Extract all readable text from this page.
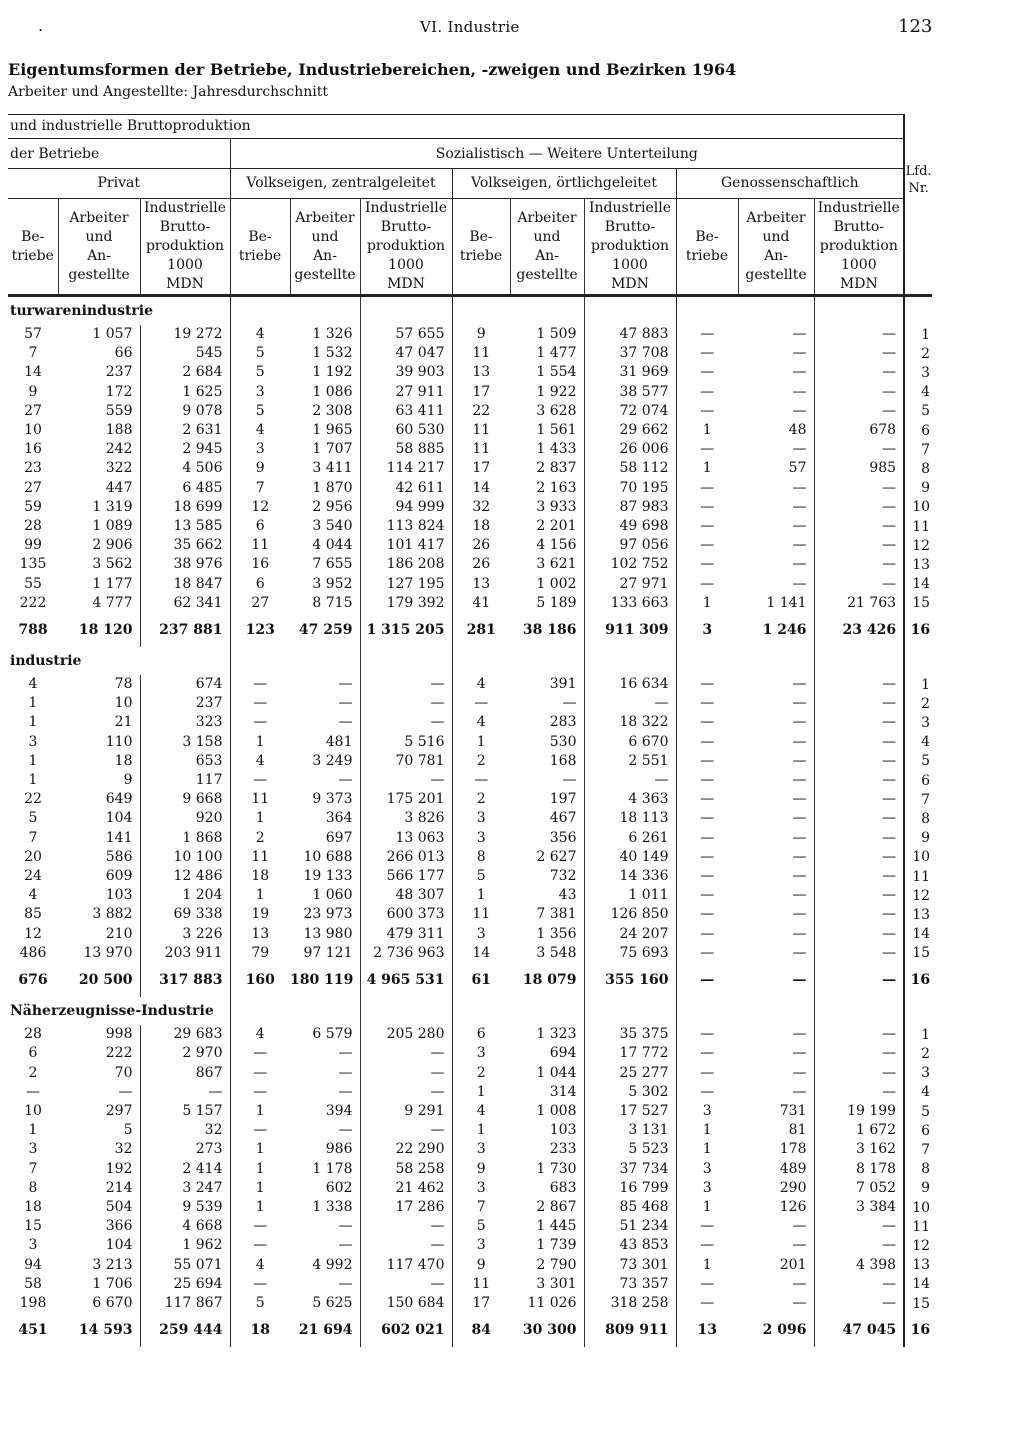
.	VI. Industrie	123
Eigentumsformen der Betriebe, Industriebereichen, -zweigen und Bezirken 1964
Arbeiter und Angestellte: Jahresdurchschnitt
und industrielle Bruttoproduktion												Lfd. Nr.

der Betriebe			Sozialistisch — Weitere Unterteilung									
Privat			Volkseigen, zentralgeleitet			Volkseigen, örtlichgeleitet			Genossenschaftlich			
Be- triebe	Arbeiter und An- gestellte	Industrielle Brutto- produktion 1000 MDN	Be- triebe	Arbeiter und An- gestellte	Industrielle Brutto- produktion 1000 MDN	Be- triebe	Arbeiter und An- gestellte	Industrielle Brutto- produktion 1000 MDN	Be- triebe	Arbeiter und An- gestellte	Industrielle Brutto- produktion 1000 MDN	
turwarenindustrie												
57	1 057	19 272	4	1 326	57 655	9	1 509	47 883	—	—	—	1
7	66	545	5	1 532	47 047	11	1 477	37 708	—	—	—	2
14	237	2 684	5	1 192	39 903	13	1 554	31 969	—	—	—	3
9	172	1 625	3	1 086	27 911	17	1 922	38 577	—	—	—	4
27	559	9 078	5	2 308	63 411	22	3 628	72 074	—	—	—	5
10	188	2 631	4	1 965	60 530	11	1 561	29 662	1	48	678	6
16	242	2 945	3	1 707	58 885	11	1 433	26 006	—	—	—	7
23	322	4 506	9	3 411	114 217	17	2 837	58 112	1	57	985	8
27	447	6 485	7	1 870	42 611	14	2 163	70 195	—	—	—	9
59	1 319	18 699	12	2 956	94 999	32	3 933	87 983	—	—	—	10
28	1 089	13 585	6	3 540	113 824	18	2 201	49 698	—	—	—	11
99	2 906	35 662	11	4 044	101 417	26	4 156	97 056	—	—	—	12
135	3 562	38 976	16	7 655	186 208	26	3 621	102 752	—	—	—	13
55	1 177	18 847	6	3 952	127 195	13	1 002	27 971	—	—	—	14
222	4 777	62 341	27	8 715	179 392	41	5 189	133 663	1	1 141	21 763	15
788	18 120	237 881	123	47 259	1 315 205	281	38 186	911 309	3	1 246	23 426	16
industrie												
4	78	674	—	—	—	4	391	16 634	—	—	—	1
1	10	237	—	—	—	—	—	—	—	—	—	2
1	21	323	—	—	—	4	283	18 322	—	—	—	3
3	110	3 158	1	481	5 516	1	530	6 670	—	—	—	4
1	18	653	4	3 249	70 781	2	168	2 551	—	—	—	5
1	9	117	—	—	—	—	—	—	—	—	—	6
22	649	9 668	11	9 373	175 201	2	197	4 363	—	—	—	7
5	104	920	1	364	3 826	3	467	18 113	—	—	—	8
7	141	1 868	2	697	13 063	3	356	6 261	—	—	—	9
20	586	10 100	11	10 688	266 013	8	2 627	40 149	—	—	—	10
24	609	12 486	18	19 133	566 177	5	732	14 336	—	—	—	11
4	103	1 204	1	1 060	48 307	1	43	1 011	—	—	—	12
85	3 882	69 338	19	23 973	600 373	11	7 381	126 850	—	—	—	13
12	210	3 226	13	13 980	479 311	3	1 356	24 207	—	—	—	14
486	13 970	203 911	79	97 121	2 736 963	14	3 548	75 693	—	—	—	15
676	20 500	317 883	160	180 119	4 965 531	61	18 079	355 160	—	—	—	16
Näherzeugnisse-Industrie												
28	998	29 683	4	6 579	205 280	6	1 323	35 375	—	—	—	1
6	222	2 970	—	—	—	3	694	17 772	—	—	—	2
2	70	867	—	—	—	2	1 044	25 277	—	—	—	3
—	—	—	—	—	—	1	314	5 302	—	—	—	4
10	297	5 157	1	394	9 291	4	1 008	17 527	3	731	19 199	5
1	5	32	—	—	—	1	103	3 131	1	81	1 672	6
3	32	273	1	986	22 290	3	233	5 523	1	178	3 162	7
7	192	2 414	1	1 178	58 258	9	1 730	37 734	3	489	8 178	8
8	214	3 247	1	602	21 462	3	683	16 799	3	290	7 052	9
18	504	9 539	1	1 338	17 286	7	2 867	85 468	1	126	3 384	10
15	366	4 668	—	—	—	5	1 445	51 234	—	—	—	11
3	104	1 962	—	—	—	3	1 739	43 853	—	—	—	12
94	3 213	55 071	4	4 992	117 470	9	2 790	73 301	1	201	4 398	13
58	1 706	25 694	—	—	—	11	3 301	73 357	—	—	—	14
198	6 670	117 867	5	5 625	150 684	17	11 026	318 258	—	—	—	15
451	14 593	259 444	18	21 694	602 021	84	30 300	809 911	13	2 096	47 045	16
